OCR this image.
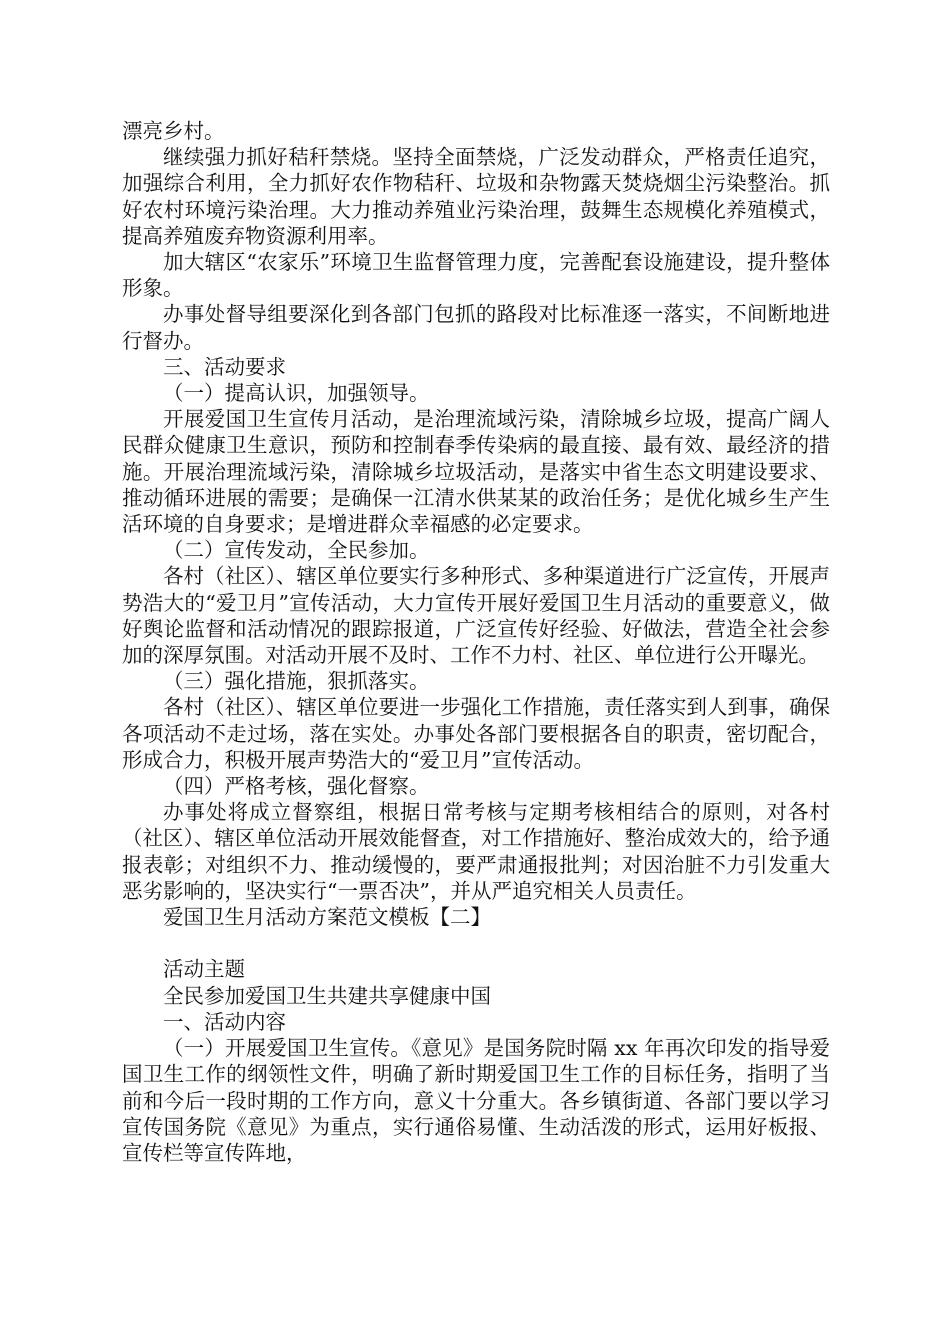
漂亮乡村。

继续强力抓好秸秆禁烧。坚持全面禁烧，广泛发动群众，严格责任追究，加强综合利用，全力抓好农作物秸秆、垃圾和杂物露天焚烧烟尘污染整治。抓好农村环境污染治理。大力推动养殖业污染治理，鼓舞生态规模化养殖模式，提高养殖废弃物资源利用率。

加大辖区“农家乐”环境卫生监督管理力度，完善配套设施建设，提升整体形象。

办事处督导组要深化到各部门包抓的路段对比标准逐一落实，不间断地进行督办。

三、活动要求

（一）提高认识，加强领导。

开展爱国卫生宣传月活动，是治理流域污染，清除城乡垃圾，提高广阔人民群众健康卫生意识，预防和控制春季传染病的最直接、最有效、最经济的措施。开展治理流域污染，清除城乡垃圾活动，是落实中省生态文明建设要求、推动循环进展的需要；是确保一江清水供某某的政治任务；是优化城乡生产生活环境的自身要求；是增进群众幸福感的必定要求。

（二）宣传发动，全民参加。

各村（社区）、辖区单位要实行多种形式、多种渠道进行广泛宣传，开展声势浩大的“爱卫月”宣传活动，大力宣传开展好爱国卫生月活动的重要意义，做好舆论监督和活动情况的跟踪报道，广泛宣传好经验、好做法，营造全社会参加的深厚氛围。对活动开展不及时、工作不力村、社区、单位进行公开曝光。

（三）强化措施，狠抓落实。

各村（社区）、辖区单位要进一步强化工作措施，责任落实到人到事，确保各项活动不走过场，落在实处。办事处各部门要根据各自的职责，密切配合，形成合力，积极开展声势浩大的“爱卫月”宣传活动。

（四）严格考核，强化督察。

办事处将成立督察组，根据日常考核与定期考核相结合的原则，对各村（社区）、辖区单位活动开展效能督查，对工作措施好、整治成效大的，给予通报表彰；对组织不力、推动缓慢的，要严肃通报批判；对因治脏不力引发重大恶劣影响的，坚决实行“一票否决”，并从严追究相关人员责任。

爱国卫生月活动方案范文模板【二】

活动主题

全民参加爱国卫生共建共享健康中国

一、活动内容

（一）开展爱国卫生宣传。《意见》是国务院时隔 xx 年再次印发的指导爱国卫生工作的纲领性文件，明确了新时期爱国卫生工作的目标任务，指明了当前和今后一段时期的工作方向，意义十分重大。各乡镇街道、各部门要以学习宣传国务院《意见》为重点，实行通俗易懂、生动活泼的形式，运用好板报、宣传栏等宣传阵地，
